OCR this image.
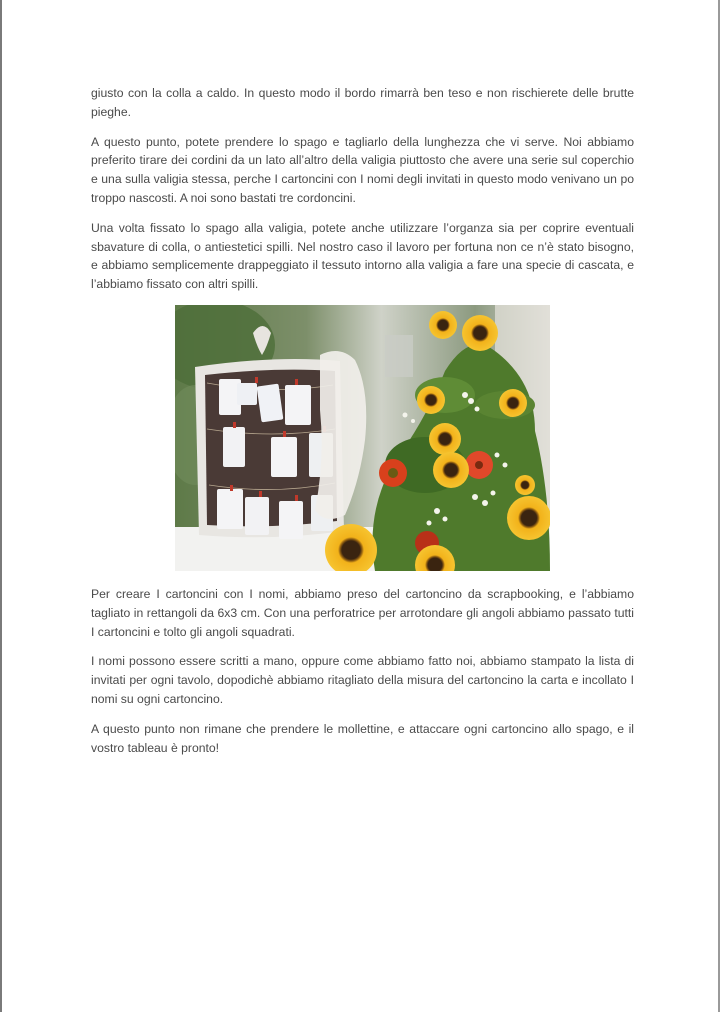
giusto con la colla a caldo. In questo modo il bordo rimarrà ben teso e non rischierete delle brutte pieghe.

A questo punto, potete prendere lo spago e tagliarlo della lunghezza che vi serve. Noi abbiamo preferito tirare dei cordini da un lato all’altro della valigia piuttosto che avere una serie sul coperchio e una sulla valigia stessa, perche I cartoncini con I nomi degli invitati in questo modo venivano un po troppo nascosti. A noi sono bastati tre cordoncini.

Una volta fissato lo spago alla valigia, potete anche utilizzare l’organza sia per coprire eventuali sbavature di colla, o antiestetici spilli. Nel nostro caso il lavoro per fortuna non ce n’è stato bisogno, e abbiamo semplicemente drappeggiato il tessuto intorno alla valigia a fare una specie di cascata, e l’abbiamo fissato con altri spilli.

Per creare I cartoncini con I nomi, abbiamo preso del cartoncino da scrapbooking, e l’abbiamo tagliato in rettangoli da 6x3 cm. Con una perforatrice per arrotondare gli angoli abbiamo passato tutti I cartoncini e tolto gli angoli squadrati.

I nomi possono essere scritti a mano, oppure come abbiamo fatto noi, abbiamo stampato la lista di invitati per ogni tavolo, dopodichè abbiamo ritagliato della misura del cartoncino la carta e incollato I nomi su ogni cartoncino.

A questo punto non rimane che prendere le mollettine, e attaccare ogni cartoncino allo spago, e il vostro tableau è pronto!
